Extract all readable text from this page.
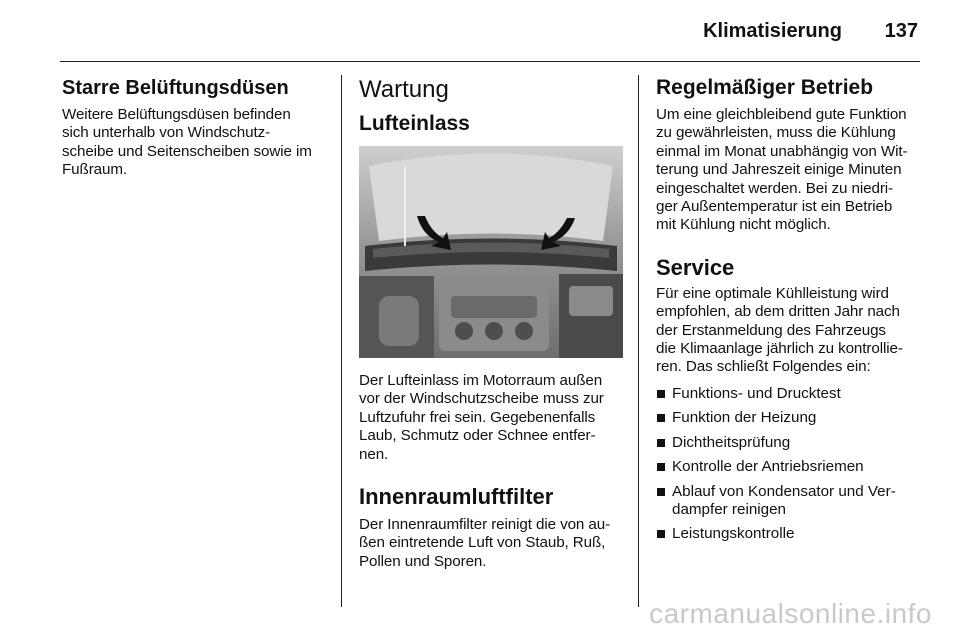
Klimatisierung 137
Starre Belüftungsdüsen

Weitere Belüftungsdüsen befinden
sich unterhalb von Windschutz-
scheibe und Seitenscheiben sowie im
Fußraum.

Wartung
Lufteinlass

Der Lufteinlass im Motorraum außen
vor der Windschutzscheibe muss zur
Luftzufuhr frei sein. Gegebenenfalls
Laub, Schmutz oder Schnee entfer-
nen.

Innenraumluftfilter

Der Innenraumfilter reinigt die von au-
ßen eintretende Luft von Staub, Ruß,
Pollen und Sporen.

Regelmäßiger Betrieb

Um eine gleichbleibend gute Funktion
zu gewährleisten, muss die Kühlung
einmal im Monat unabhängig von Wit-
terung und Jahreszeit einige Minuten
eingeschaltet werden. Bei zu niedri-
ger Außentemperatur ist ein Betrieb
mit Kühlung nicht möglich.

Service

Für eine optimale Kühlleistung wird
empfohlen, ab dem dritten Jahr nach
der Erstanmeldung des Fahrzeugs
die Klimaanlage jährlich zu kontrollie-
ren. Das schließt Folgendes ein:

Funktions- und Drucktest
Funktion der Heizung
Dichtheitsprüfung
Kontrolle der Antriebsriemen
Ablauf von Kondensator und Ver-
dampfer reinigen
Leistungskontrolle
carmanualsonline.info
